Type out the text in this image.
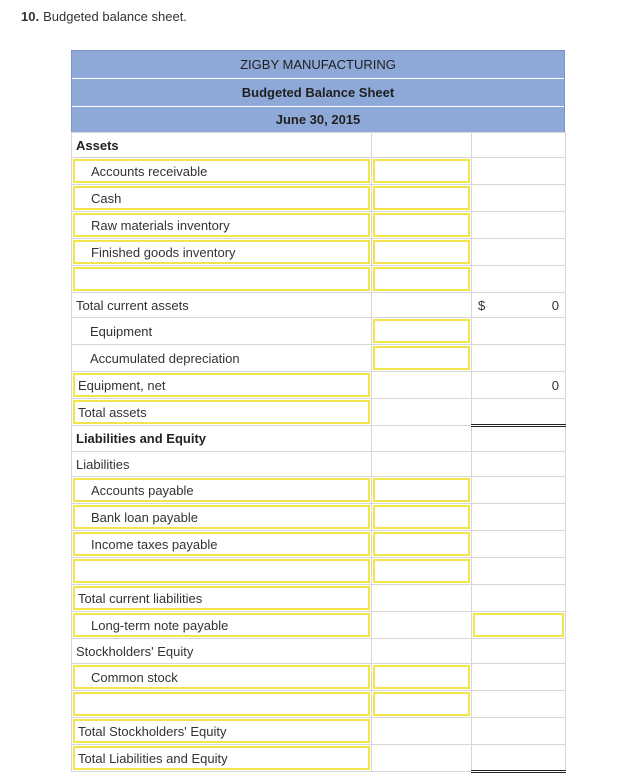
10. Budgeted balance sheet.
ZIGBY MANUFACTURING
Budgeted Balance Sheet
June 30, 2015
Assets		

Accounts receivable		

Cash		

Raw materials inventory		

Finished goods inventory		

Total current assets		$ 0

Equipment	

Accumulated depreciation	

Equipment, net		0

Total assets		

Liabilities and Equity		
Liabilities		

Accounts payable		

Bank loan payable		

Income taxes payable		

Total current liabilities		

Long-term note payable		

Stockholders' Equity		

Common stock		

Total Stockholders' Equity		

Total Liabilities and Equity		
